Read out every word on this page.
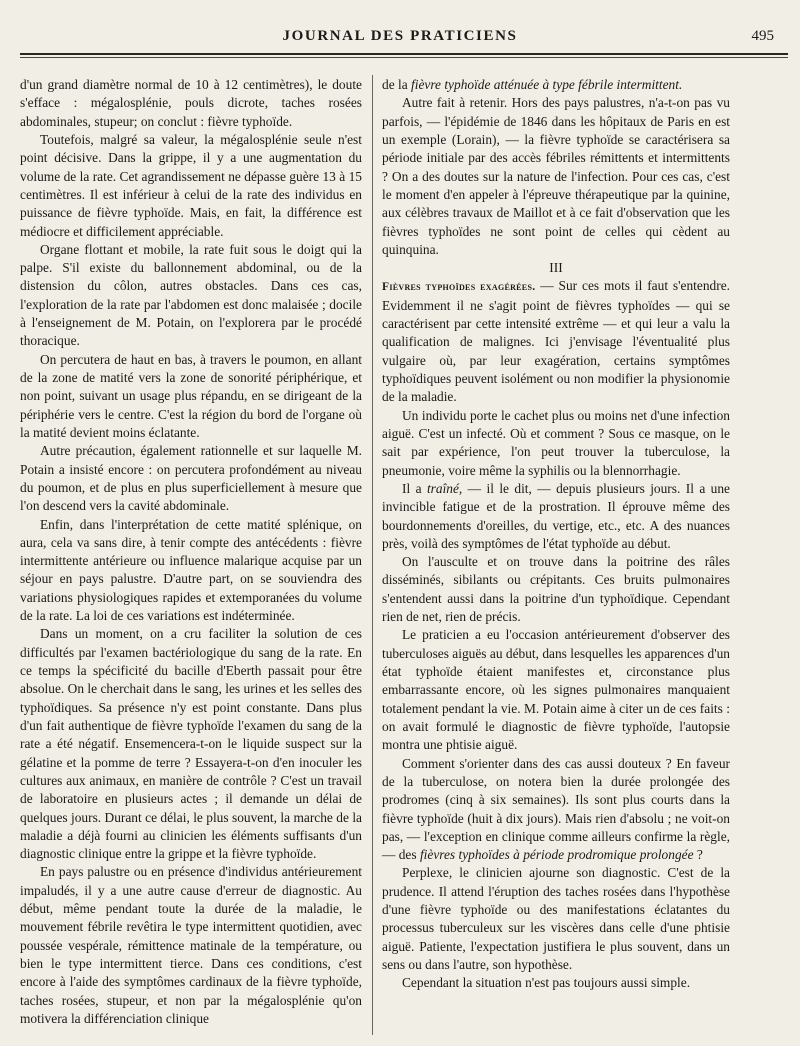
JOURNAL DES PRATICIENS	495

d'un grand diamètre normal de 10 à 12 centimètres), le doute s'efface : mégalosplénie, pouls dicrote, taches rosées abdominales, stupeur; on conclut : fièvre typhoïde.

Toutefois, malgré sa valeur, la mégalosplénie seule n'est point décisive. Dans la grippe, il y a une augmentation du volume de la rate. Cet agrandissement ne dépasse guère 13 à 15 centimètres. Il est inférieur à celui de la rate des individus en puissance de fièvre typhoïde. Mais, en fait, la différence est médiocre et difficilement appréciable.

Organe flottant et mobile, la rate fuit sous le doigt qui la palpe. S'il existe du ballonnement abdominal, ou de la distension du côlon, autres obstacles. Dans ces cas, l'exploration de la rate par l'abdomen est donc malaisée ; docile à l'enseignement de M. Potain, on l'explorera par le procédé thoracique.

On percutera de haut en bas, à travers le poumon, en allant de la zone de matité vers la zone de sonorité périphérique, et non point, suivant un usage plus répandu, en se dirigeant de la périphérie vers le centre. C'est la région du bord de l'organe où la matité devient moins éclatante.

Autre précaution, également rationnelle et sur laquelle M. Potain a insisté encore : on percutera profondément au niveau du poumon, et de plus en plus superficiellement à mesure que l'on descend vers la cavité abdominale.

Enfin, dans l'interprétation de cette matité splénique, on aura, cela va sans dire, à tenir compte des antécédents : fièvre intermittente antérieure ou influence malarique acquise par un séjour en pays palustre. D'autre part, on se souviendra des variations physiologiques rapides et extemporanées du volume de la rate. La loi de ces variations est indéterminée.

Dans un moment, on a cru faciliter la solution de ces difficultés par l'examen bactériologique du sang de la rate. En ce temps la spécificité du bacille d'Eberth passait pour être absolue. On le cherchait dans le sang, les urines et les selles des typhoïdiques. Sa présence n'y est point constante. Dans plus d'un fait authentique de fièvre typhoïde l'examen du sang de la rate a été négatif. Ensemencera-t-on le liquide suspect sur la gélatine et la pomme de terre ? Essayera-t-on d'en inoculer les cultures aux animaux, en manière de contrôle ? C'est un travail de laboratoire en plusieurs actes ; il demande un délai de quelques jours. Durant ce délai, le plus souvent, la marche de la maladie a déjà fourni au clinicien les éléments suffisants d'un diagnostic clinique entre la grippe et la fièvre typhoïde.

En pays palustre ou en présence d'individus antérieurement impaludés, il y a une autre cause d'erreur de diagnostic. Au début, même pendant toute la durée de la maladie, le mouvement fébrile revêtira le type intermittent quotidien, avec poussée vespérale, rémittence matinale de la température, ou bien le type intermittent tierce. Dans ces conditions, c'est encore à l'aide des symptômes cardinaux de la fièvre typhoïde, taches rosées, stupeur, et non par la mégalosplénie qu'on motivera la différenciation clinique

de la fièvre typhoïde atténuée à type fébrile intermittent.

Autre fait à retenir. Hors des pays palustres, n'a-t-on pas vu parfois, — l'épidémie de 1846 dans les hôpitaux de Paris en est un exemple (Lorain), — la fièvre typhoïde se caractérisera sa période initiale par des accès fébriles rémittents et intermittents ? On a des doutes sur la nature de l'infection. Pour ces cas, c'est le moment d'en appeler à l'épreuve thérapeutique par la quinine, aux célèbres travaux de Maillot et à ce fait d'observation que les fièvres typhoïdes ne sont point de celles qui cèdent au quinquina.

III

Fièvres typhoïdes exagérées. — Sur ces mots il faut s'entendre. Evidemment il ne s'agit point de fièvres typhoïdes — qui se caractérisent par cette intensité extrême — et qui leur a valu la qualification de malignes. Ici j'envisage l'éventualité plus vulgaire où, par leur exagération, certains symptômes typhoïdiques peuvent isolément ou non modifier la physionomie de la maladie.

Un individu porte le cachet plus ou moins net d'une infection aiguë. C'est un infecté. Où et comment ? Sous ce masque, on le sait par expérience, l'on peut trouver la tuberculose, la pneumonie, voire même la syphilis ou la blennorrhagie.

Il a traîné, — il le dit, — depuis plusieurs jours. Il a une invincible fatigue et de la prostration. Il éprouve même des bourdonnements d'oreilles, du vertige, etc., etc. A des nuances près, voilà des symptômes de l'état typhoïde au début.

On l'ausculte et on trouve dans la poitrine des râles disséminés, sibilants ou crépitants. Ces bruits pulmonaires s'entendent aussi dans la poitrine d'un typhoïdique. Cependant rien de net, rien de précis.

Le praticien a eu l'occasion antérieurement d'observer des tuberculoses aiguës au début, dans lesquelles les apparences d'un état typhoïde étaient manifestes et, circonstance plus embarrassante encore, où les signes pulmonaires manquaient totalement pendant la vie. M. Potain aime à citer un de ces faits : on avait formulé le diagnostic de fièvre typhoïde, l'autopsie montra une phtisie aiguë.

Comment s'orienter dans des cas aussi douteux ? En faveur de la tuberculose, on notera bien la durée prolongée des prodromes (cinq à six semaines). Ils sont plus courts dans la fièvre typhoïde (huit à dix jours). Mais rien d'absolu ; ne voit-on pas, — l'exception en clinique comme ailleurs confirme la règle, — des fièvres typhoïdes à période prodromique prolongée ?

Perplexe, le clinicien ajourne son diagnostic. C'est de la prudence. Il attend l'éruption des taches rosées dans l'hypothèse d'une fièvre typhoïde ou des manifestations éclatantes du processus tuberculeux sur les viscères dans celle d'une phtisie aiguë. Patiente, l'expectation justifiera le plus souvent, dans un sens ou dans l'autre, son hypothèse.

Cependant la situation n'est pas toujours aussi simple.
